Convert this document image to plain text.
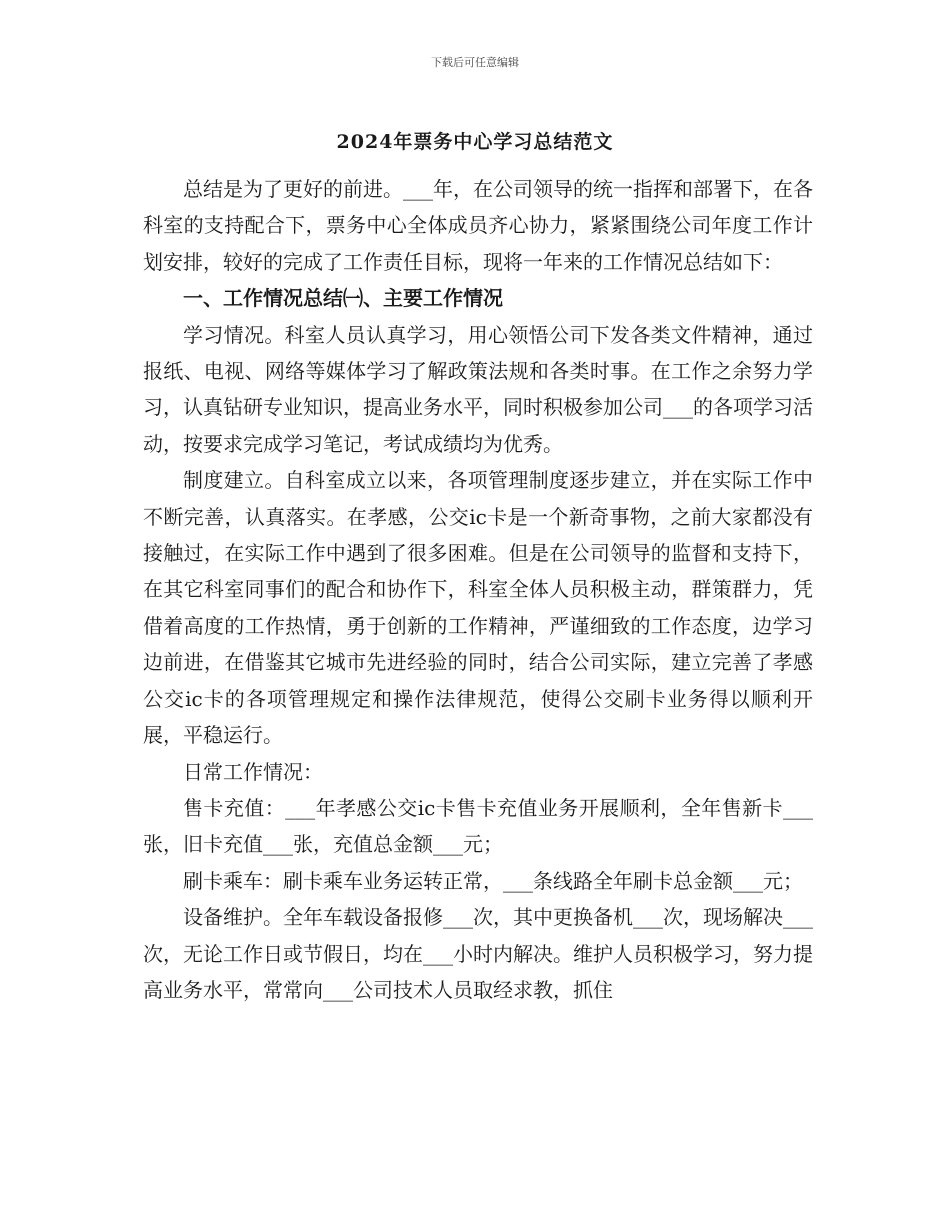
下载后可任意编辑
2024年票务中心学习总结范文

总结是为了更好的前进。___年，在公司领导的统一指挥和部署下，在各科室的支持配合下，票务中心全体成员齐心协力，紧紧围绕公司年度工作计划安排，较好的完成了工作责任目标，现将一年来的工作情况总结如下：

一、工作情况总结㈠、主要工作情况

学习情况。科室人员认真学习，用心领悟公司下发各类文件精神，通过报纸、电视、网络等媒体学习了解政策法规和各类时事。在工作之余努力学习，认真钻研专业知识，提高业务水平，同时积极参加公司___的各项学习活动，按要求完成学习笔记，考试成绩均为优秀。

制度建立。自科室成立以来，各项管理制度逐步建立，并在实际工作中不断完善，认真落实。在孝感，公交ic卡是一个新奇事物，之前大家都没有接触过，在实际工作中遇到了很多困难。但是在公司领导的监督和支持下，在其它科室同事们的配合和协作下，科室全体人员积极主动，群策群力，凭借着高度的工作热情，勇于创新的工作精神，严谨细致的工作态度，边学习边前进，在借鉴其它城市先进经验的同时，结合公司实际，建立完善了孝感公交ic卡的各项管理规定和操作法律规范，使得公交刷卡业务得以顺利开展，平稳运行。

日常工作情况：

售卡充值：___年孝感公交ic卡售卡充值业务开展顺利，全年售新卡___张，旧卡充值___张，充值总金额___元；

刷卡乘车：刷卡乘车业务运转正常，___条线路全年刷卡总金额___元；

设备维护。全年车载设备报修___次，其中更换备机___次，现场解决___次，无论工作日或节假日，均在___小时内解决。维护人员积极学习，努力提高业务水平，常常向___公司技术人员取经求教，抓住
